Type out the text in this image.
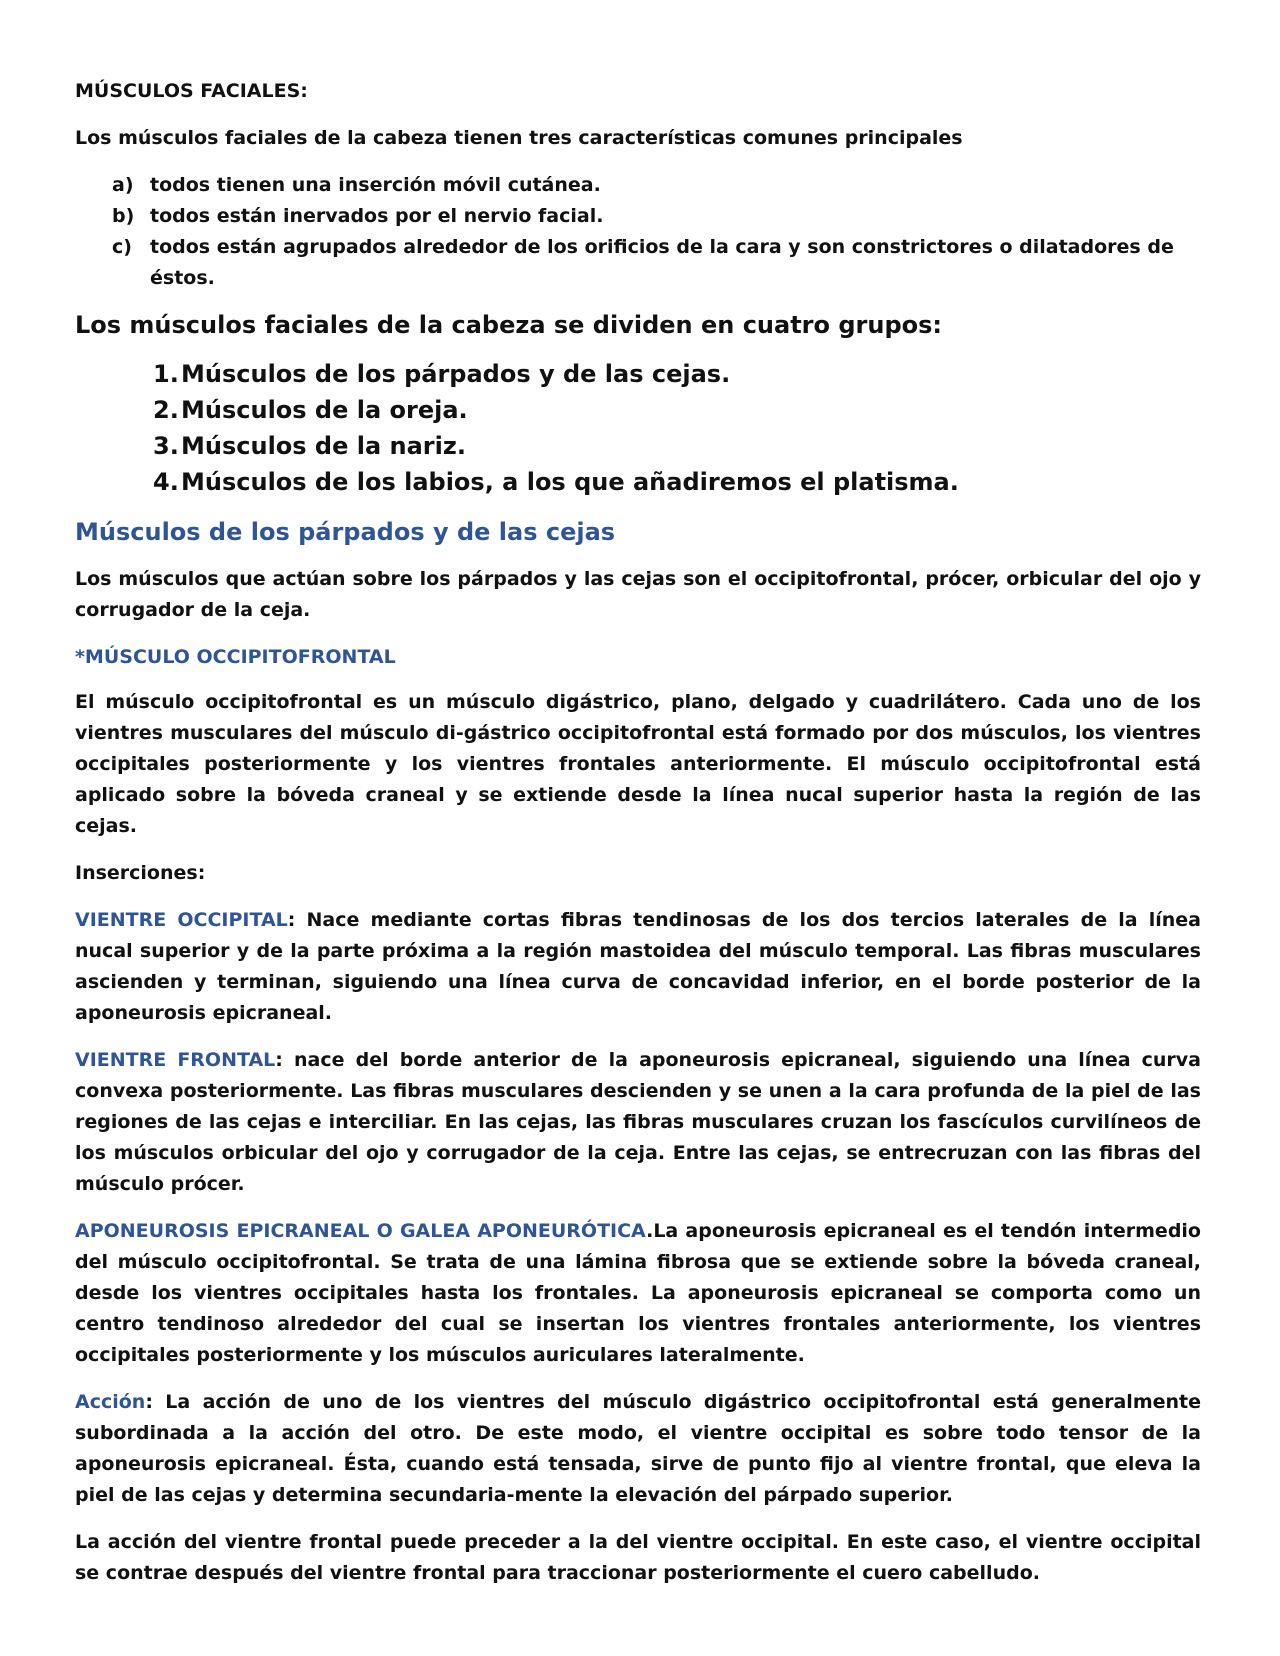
MÚSCULOS FACIALES:

Los músculos faciales de la cabeza tienen tres características comunes principales

a) todos tienen una inserción móvil cutánea.
b) todos están inervados por el nervio facial.
c) todos están agrupados alrededor de los orificios de la cara y son constrictores o dilatadores de éstos.

Los músculos faciales de la cabeza se dividen en cuatro grupos:

1. Músculos de los párpados y de las cejas.
2. Músculos de la oreja.
3. Músculos de la nariz.
4. Músculos de los labios, a los que añadiremos el platisma.
Músculos de los párpados y de las cejas

Los músculos que actúan sobre los párpados y las cejas son el occipitofrontal, prócer, orbicular del ojo y corrugador de la ceja.

*MÚSCULO OCCIPITOFRONTAL

El músculo occipitofrontal es un músculo digástrico, plano, delgado y cuadrilátero. Cada uno de los vientres musculares del músculo di-gástrico occipitofrontal está formado por dos músculos, los vientres occipitales posteriormente y los vientres frontales anteriormente. El músculo occipitofrontal está aplicado sobre la bóveda craneal y se extiende desde la línea nucal superior hasta la región de las cejas.

Inserciones:

VIENTRE OCCIPITAL: Nace mediante cortas fibras tendinosas de los dos tercios laterales de la línea nucal superior y de la parte próxima a la región mastoidea del músculo temporal. Las fibras musculares ascienden y terminan, siguiendo una línea curva de concavidad inferior, en el borde posterior de la aponeurosis epicraneal.

VIENTRE FRONTAL: nace del borde anterior de la aponeurosis epicraneal, siguiendo una línea curva convexa posteriormente. Las fibras musculares descienden y se unen a la cara profunda de la piel de las regiones de las cejas e interciliar. En las cejas, las fibras musculares cruzan los fascículos curvilíneos de los músculos orbicular del ojo y corrugador de la ceja. Entre las cejas, se entrecruzan con las fibras del músculo prócer.

APONEUROSIS EPICRANEAL O GALEA APONEURÓTICA.La aponeurosis epicraneal es el tendón intermedio del músculo occipitofrontal. Se trata de una lámina fibrosa que se extiende sobre la bóveda craneal, desde los vientres occipitales hasta los frontales. La aponeurosis epicraneal se comporta como un centro tendinoso alrededor del cual se insertan los vientres frontales anteriormente, los vientres occipitales posteriormente y los músculos auriculares lateralmente.

Acción: La acción de uno de los vientres del músculo digástrico occipitofrontal está generalmente subordinada a la acción del otro. De este modo, el vientre occipital es sobre todo tensor de la aponeurosis epicraneal. Ésta, cuando está tensada, sirve de punto fijo al vientre frontal, que eleva la piel de las cejas y determina secundaria-mente la elevación del párpado superior.

La acción del vientre frontal puede preceder a la del vientre occipital. En este caso, el vientre occipital se contrae después del vientre frontal para traccionar posteriormente el cuero cabelludo.
